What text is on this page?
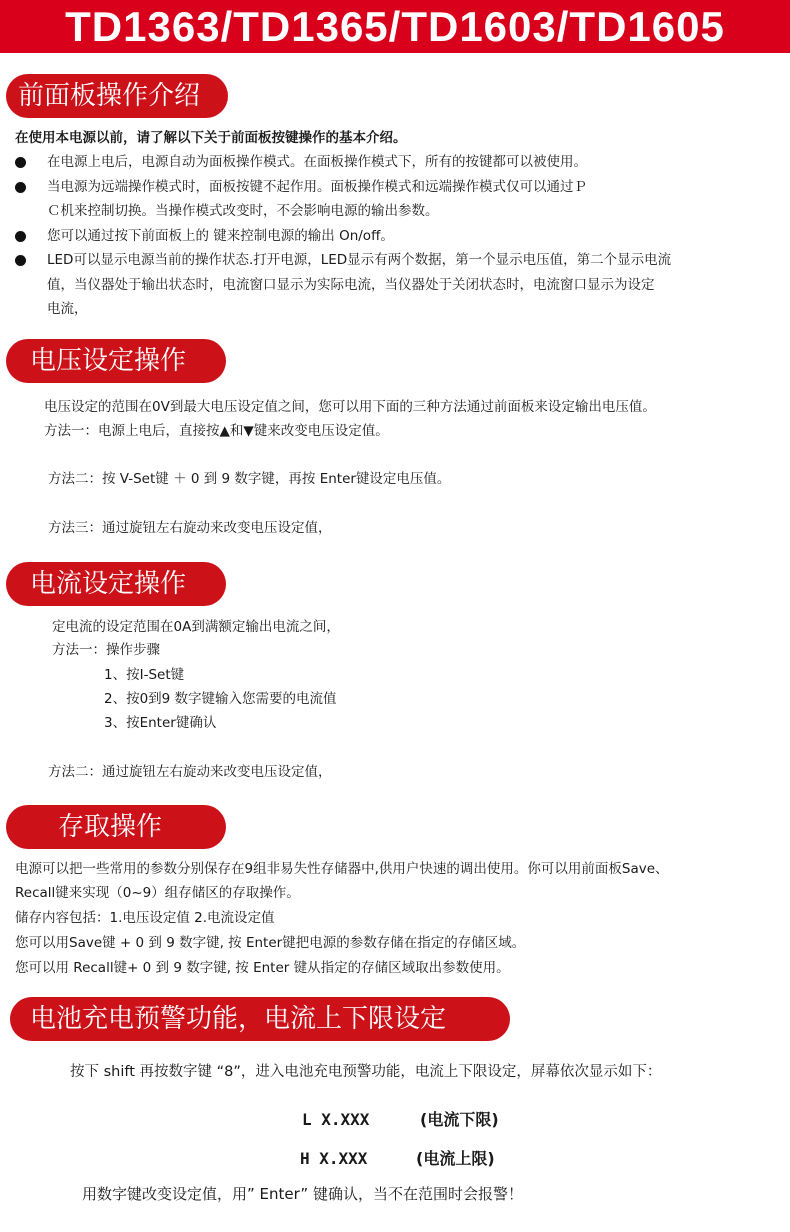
TD1363/TD1365/TD1603/TD1605
前面板操作介绍
在使用本电源以前，请了解以下关于前面板按键操作的基本介绍。
在电源上电后，电源自动为面板操作模式。在面板操作模式下，所有的按键都可以被使用。
当电源为远端操作模式时，面板按键不起作用。面板操作模式和远端操作模式仅可以通过Ｐ
Ｃ机来控制切换。当操作模式改变时，不会影响电源的输出参数。
您可以通过按下前面板上的 键来控制电源的输出 On/off。
LED可以显示电源当前的操作状态.打开电源，LED显示有两个数据，第一个显示电压值，第二个显示电流
值，当仪器处于输出状态时，电流窗口显示为实际电流，当仪器处于关闭状态时，电流窗口显示为设定
电流，
电压设定操作
电压设定的范围在0V到最大电压设定值之间，您可以用下面的三种方法通过前面板来设定输出电压值。
方法一：电源上电后，直接按▲和▼键来改变电压设定值。
方法二：按 V-Set键 ＋ 0 到 9 数字键，再按 Enter键设定电压值。
方法三：通过旋钮左右旋动来改变电压设定值，
电流设定操作
定电流的设定范围在0A到满额定输出电流之间，
方法一：操作步骤
1、按I-Set键
2、按0到9 数字键输入您需要的电流值
3、按Enter键确认
方法二：通过旋钮左右旋动来改变电压设定值，
存取操作
电源可以把一些常用的参数分别保存在9组非易失性存储器中,供用户快速的调出使用。你可以用前面板Save、
Recall键来实现（0~9）组存储区的存取操作。
储存内容包括：1.电压设定值 2.电流设定值
您可以用Save键 + 0 到 9 数字键, 按 Enter键把电源的参数存储在指定的存储区域。
您可以用 Recall键+ 0 到 9 数字键, 按 Enter 键从指定的存储区域取出参数使用。
电池充电预警功能，电流上下限设定
按下 shift 再按数字键 “8”，进入电池充电预警功能，电流上下限设定，屏幕依次显示如下：
L X.XXX	(电流下限)
H X.XXX	(电流上限)
用数字键改变设定值，用” Enter” 键确认，当不在范围时会报警！
